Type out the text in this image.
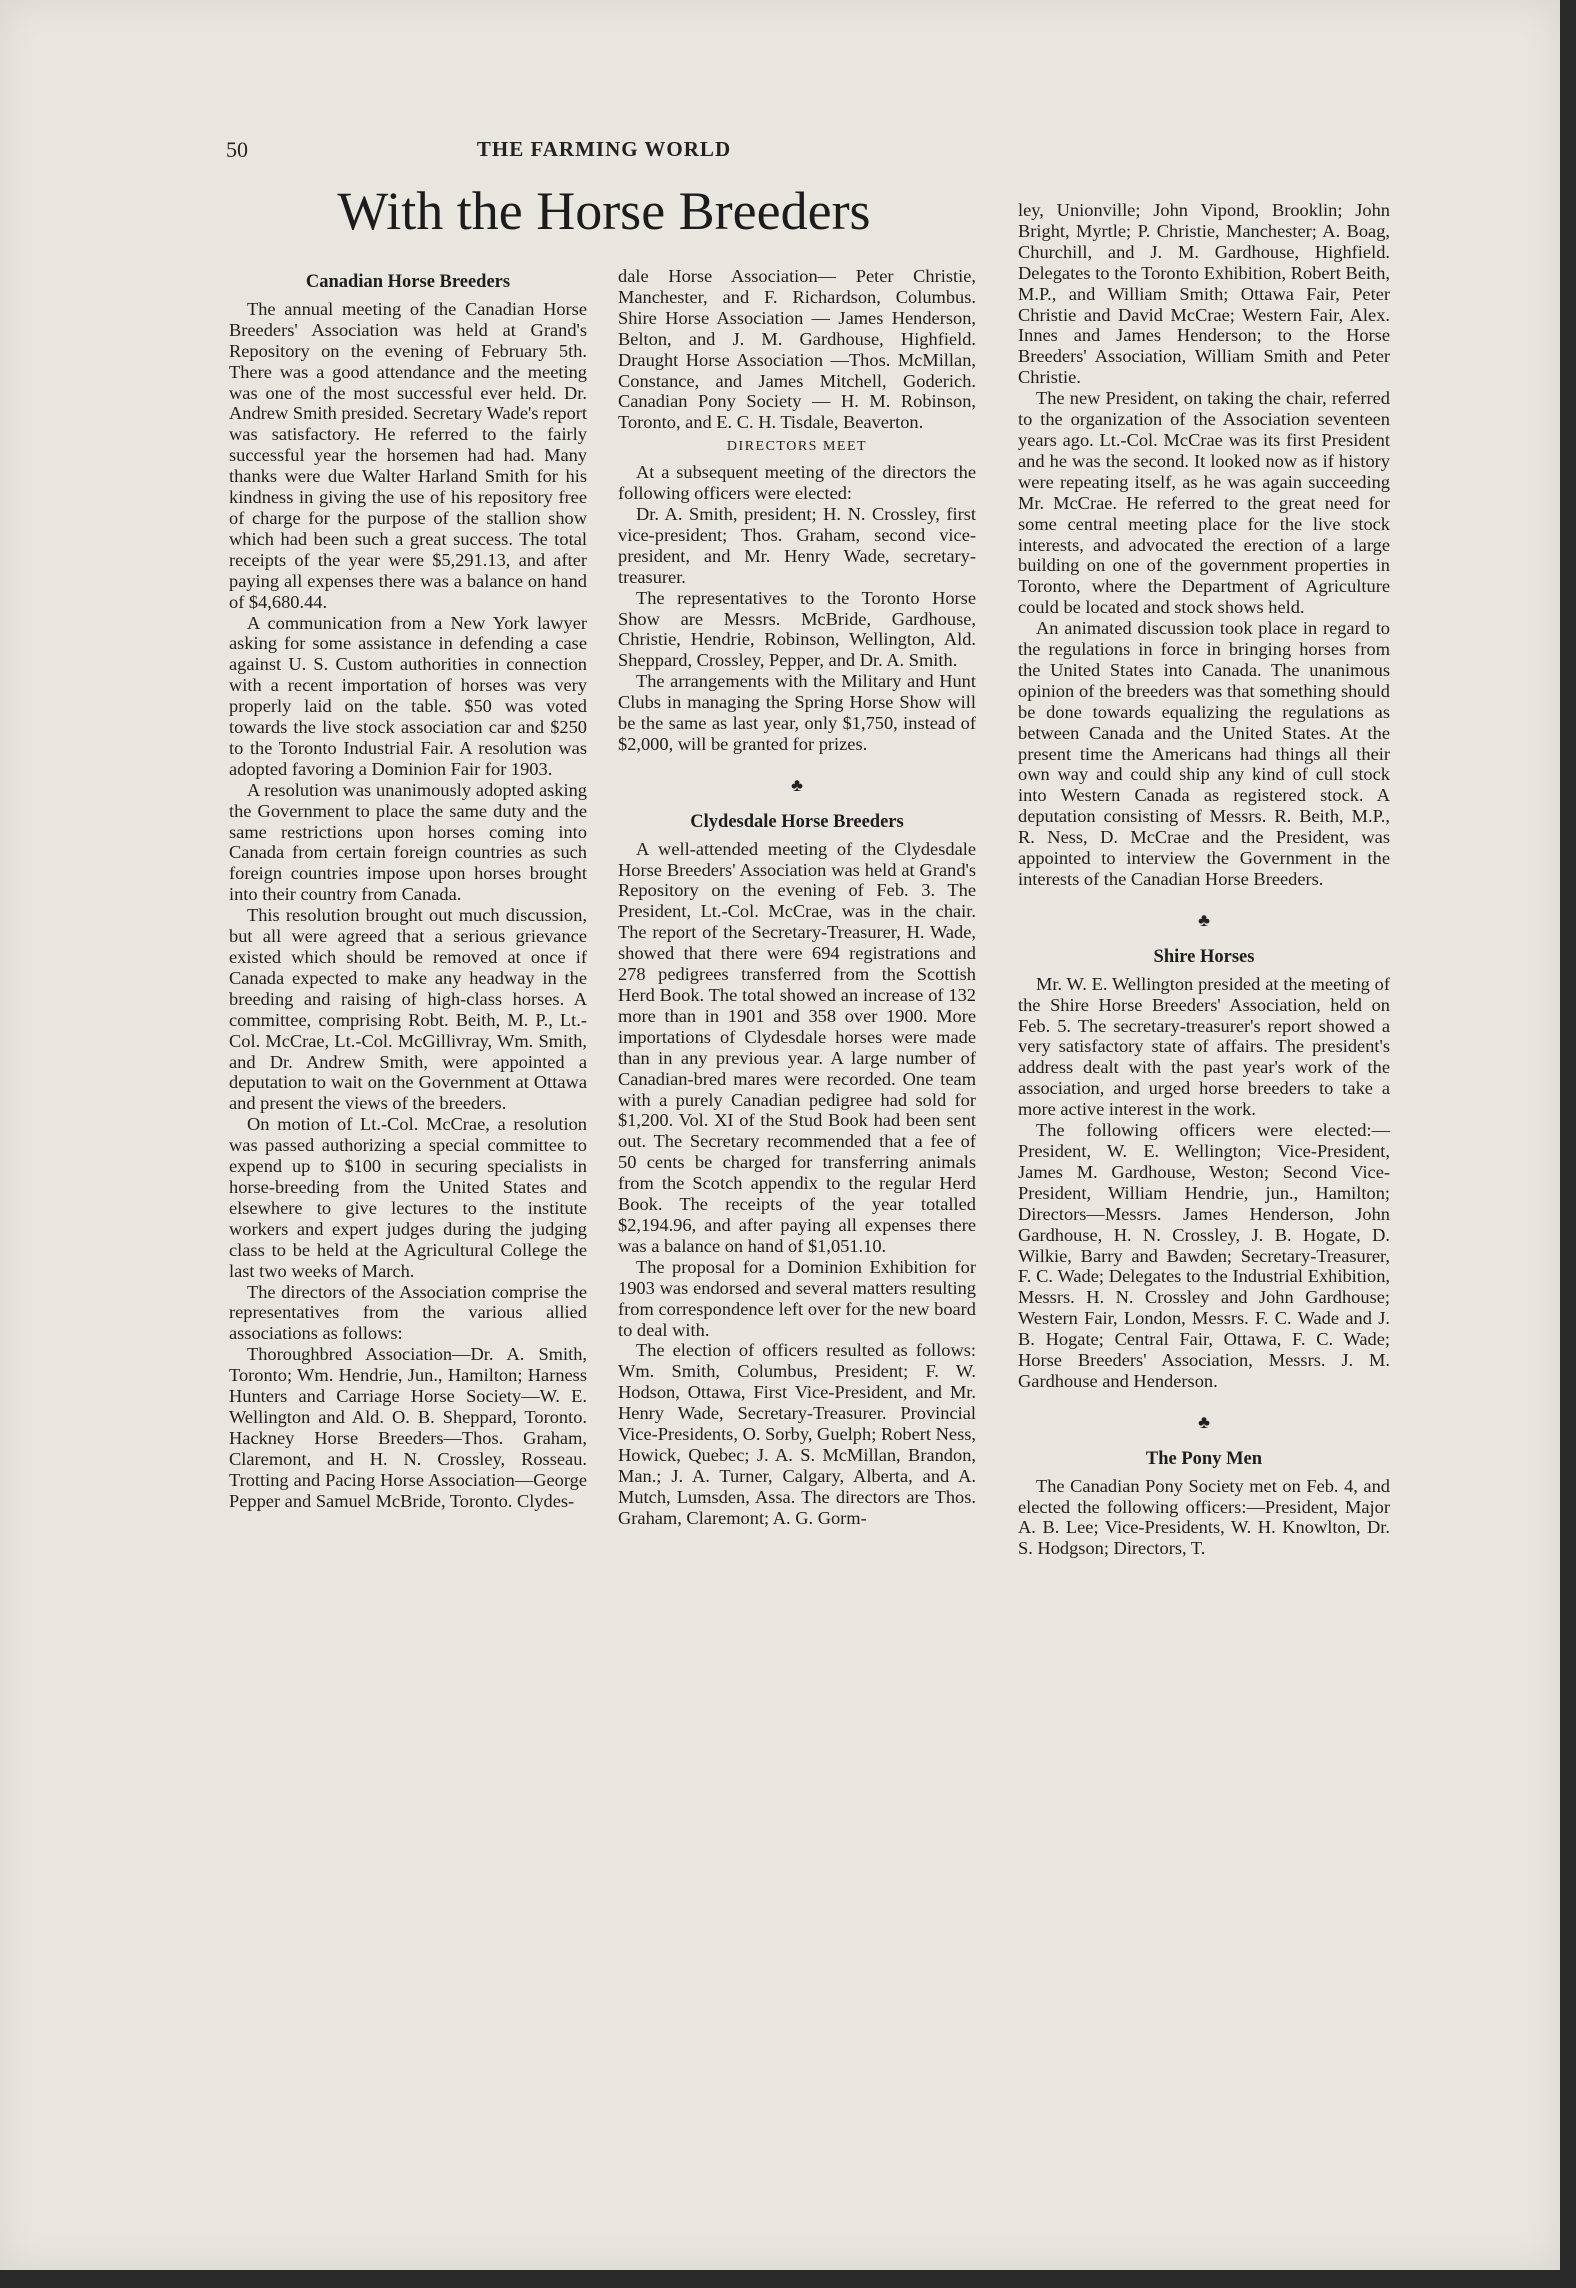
50	THE FARMING WORLD
With the Horse Breeders
Canadian Horse Breeders

The annual meeting of the Canadian Horse Breeders' Association was held at Grand's Repository on the evening of February 5th. There was a good attendance and the meeting was one of the most successful ever held. Dr. Andrew Smith presided. Secretary Wade's report was satisfactory. He referred to the fairly successful year the horsemen had had. Many thanks were due Walter Harland Smith for his kindness in giving the use of his repository free of charge for the purpose of the stallion show which had been such a great success. The total receipts of the year were $5,291.13, and after paying all expenses there was a balance on hand of $4,680.44.

A communication from a New York lawyer asking for some assistance in defending a case against U. S. Custom authorities in connection with a recent importation of horses was very properly laid on the table. $50 was voted towards the live stock association car and $250 to the Toronto Industrial Fair. A resolution was adopted favoring a Dominion Fair for 1903.

A resolution was unanimously adopted asking the Government to place the same duty and the same restrictions upon horses coming into Canada from certain foreign countries as such foreign countries impose upon horses brought into their country from Canada.

This resolution brought out much discussion, but all were agreed that a serious grievance existed which should be removed at once if Canada expected to make any headway in the breeding and raising of high-class horses. A committee, comprising Robt. Beith, M. P., Lt.-Col. McCrae, Lt.-Col. McGillivray, Wm. Smith, and Dr. Andrew Smith, were appointed a deputation to wait on the Government at Ottawa and present the views of the breeders.

On motion of Lt.-Col. McCrae, a resolution was passed authorizing a special committee to expend up to $100 in securing specialists in horse-breeding from the United States and elsewhere to give lectures to the institute workers and expert judges during the judging class to be held at the Agricultural College the last two weeks of March.

The directors of the Association comprise the representatives from the various allied associations as follows:

Thoroughbred Association—Dr. A. Smith, Toronto; Wm. Hendrie, Jun., Hamilton; Harness Hunters and Carriage Horse Society—W. E. Wellington and Ald. O. B. Sheppard, Toronto. Hackney Horse Breeders—Thos. Graham, Claremont, and H. N. Crossley, Rosseau. Trotting and Pacing Horse Association—George Pepper and Samuel McBride, Toronto. Clydes-

dale Horse Association— Peter Christie, Manchester, and F. Richardson, Columbus. Shire Horse Association — James Henderson, Belton, and J. M. Gardhouse, Highfield. Draught Horse Association —Thos. McMillan, Constance, and James Mitchell, Goderich. Canadian Pony Society — H. M. Robinson, Toronto, and E. C. H. Tisdale, Beaverton.

DIRECTORS MEET

At a subsequent meeting of the directors the following officers were elected:

Dr. A. Smith, president; H. N. Crossley, first vice-president; Thos. Graham, second vice-president, and Mr. Henry Wade, secretary-treasurer.

The representatives to the Toronto Horse Show are Messrs. McBride, Gardhouse, Christie, Hendrie, Robinson, Wellington, Ald. Sheppard, Crossley, Pepper, and Dr. A. Smith.

The arrangements with the Military and Hunt Clubs in managing the Spring Horse Show will be the same as last year, only $1,750, instead of $2,000, will be granted for prizes.

♣
Clydesdale Horse Breeders

A well-attended meeting of the Clydesdale Horse Breeders' Association was held at Grand's Repository on the evening of Feb. 3. The President, Lt.-Col. McCrae, was in the chair. The report of the Secretary-Treasurer, H. Wade, showed that there were 694 registrations and 278 pedigrees transferred from the Scottish Herd Book. The total showed an increase of 132 more than in 1901 and 358 over 1900. More importations of Clydesdale horses were made than in any previous year. A large number of Canadian-bred mares were recorded. One team with a purely Canadian pedigree had sold for $1,200. Vol. XI of the Stud Book had been sent out. The Secretary recommended that a fee of 50 cents be charged for transferring animals from the Scotch appendix to the regular Herd Book. The receipts of the year totalled $2,194.96, and after paying all expenses there was a balance on hand of $1,051.10.

The proposal for a Dominion Exhibition for 1903 was endorsed and several matters resulting from correspondence left over for the new board to deal with.

The election of officers resulted as follows: Wm. Smith, Columbus, President; F. W. Hodson, Ottawa, First Vice-President, and Mr. Henry Wade, Secretary-Treasurer. Provincial Vice-Presidents, O. Sorby, Guelph; Robert Ness, Howick, Quebec; J. A. S. McMillan, Brandon, Man.; J. A. Turner, Calgary, Alberta, and A. Mutch, Lumsden, Assa. The directors are Thos. Graham, Claremont; A. G. Gorm-

ley, Unionville; John Vipond, Brooklin; John Bright, Myrtle; P. Christie, Manchester; A. Boag, Churchill, and J. M. Gardhouse, Highfield. Delegates to the Toronto Exhibition, Robert Beith, M.P., and William Smith; Ottawa Fair, Peter Christie and David McCrae; Western Fair, Alex. Innes and James Henderson; to the Horse Breeders' Association, William Smith and Peter Christie.

The new President, on taking the chair, referred to the organization of the Association seventeen years ago. Lt.-Col. McCrae was its first President and he was the second. It looked now as if history were repeating itself, as he was again succeeding Mr. McCrae. He referred to the great need for some central meeting place for the live stock interests, and advocated the erection of a large building on one of the government properties in Toronto, where the Department of Agriculture could be located and stock shows held.

An animated discussion took place in regard to the regulations in force in bringing horses from the United States into Canada. The unanimous opinion of the breeders was that something should be done towards equalizing the regulations as between Canada and the United States. At the present time the Americans had things all their own way and could ship any kind of cull stock into Western Canada as registered stock. A deputation consisting of Messrs. R. Beith, M.P., R. Ness, D. McCrae and the President, was appointed to interview the Government in the interests of the Canadian Horse Breeders.

♣
Shire Horses

Mr. W. E. Wellington presided at the meeting of the Shire Horse Breeders' Association, held on Feb. 5. The secretary-treasurer's report showed a very satisfactory state of affairs. The president's address dealt with the past year's work of the association, and urged horse breeders to take a more active interest in the work.

The following officers were elected:—President, W. E. Wellington; Vice-President, James M. Gardhouse, Weston; Second Vice-President, William Hendrie, jun., Hamilton; Directors—Messrs. James Henderson, John Gardhouse, H. N. Crossley, J. B. Hogate, D. Wilkie, Barry and Bawden; Secretary-Treasurer, F. C. Wade; Delegates to the Industrial Exhibition, Messrs. H. N. Crossley and John Gardhouse; Western Fair, London, Messrs. F. C. Wade and J. B. Hogate; Central Fair, Ottawa, F. C. Wade; Horse Breeders' Association, Messrs. J. M. Gardhouse and Henderson.

♣
The Pony Men

The Canadian Pony Society met on Feb. 4, and elected the following officers:—President, Major A. B. Lee; Vice-Presidents, W. H. Knowlton, Dr. S. Hodgson; Directors, T.
